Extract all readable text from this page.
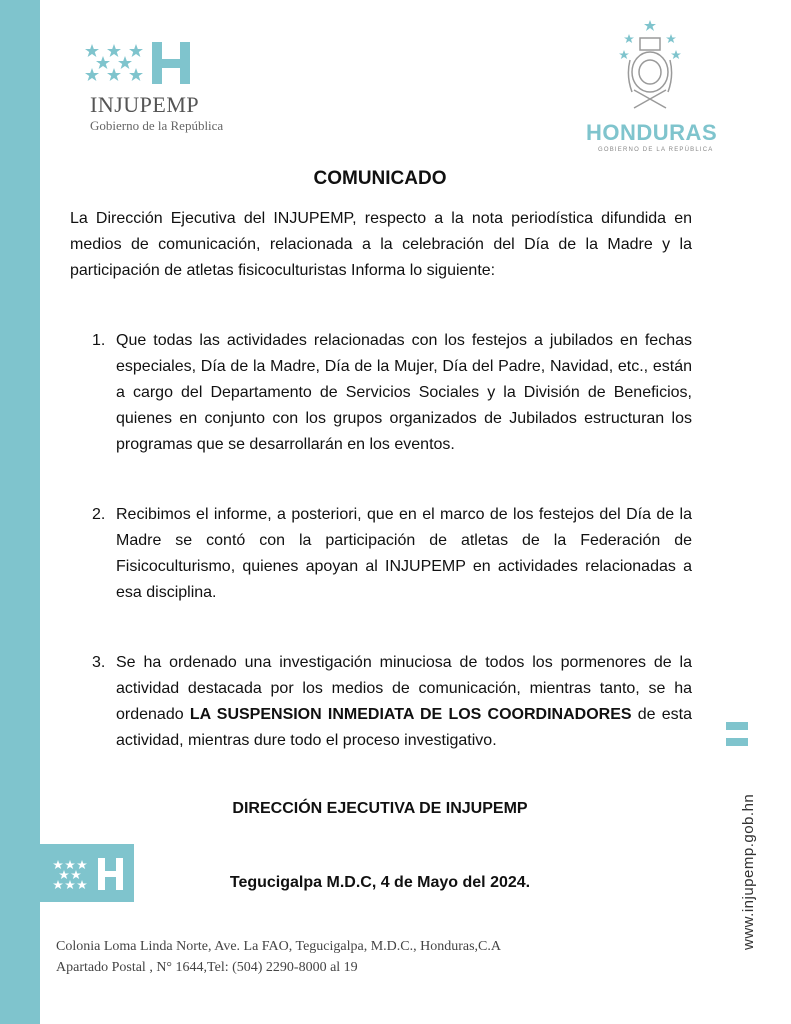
INJUPEMP
Gobierno de la República	HONDURAS
GOBIERNO DE LA REPÚBLICA
COMUNICADO

La Dirección Ejecutiva del INJUPEMP, respecto a la nota periodística difundida en medios de comunicación, relacionada a la celebración del Día de la Madre y la participación de atletas fisicoculturistas Informa lo siguiente:

1. Que todas las actividades relacionadas con los festejos a jubilados en fechas especiales, Día de la Madre, Día de la Mujer, Día del Padre, Navidad, etc., están a cargo del Departamento de Servicios Sociales y la División de Beneficios, quienes en conjunto con los grupos organizados de Jubilados estructuran los programas que se desarrollarán en los eventos.

2. Recibimos el informe, a posteriori, que en el marco de los festejos del Día de la Madre se contó con la participación de atletas de la Federación de Fisicoculturismo, quienes apoyan al INJUPEMP en actividades relacionadas a esa disciplina.

3. Se ha ordenado una investigación minuciosa de todos los pormenores de la actividad destacada por los medios de comunicación, mientras tanto, se ha ordenado LA SUSPENSION INMEDIATA DE LOS COORDINADORES de esta actividad, mientras dure todo el proceso investigativo.

DIRECCIÓN EJECUTIVA DE INJUPEMP
Tegucigalpa M.D.C, 4 de Mayo del 2024.
Colonia Loma Linda Norte, Ave. La FAO, Tegucigalpa, M.D.C., Honduras,C.A
Apartado Postal , N° 1644,Tel: (504) 2290-8000 al 19
www.injupemp.gob.hn
